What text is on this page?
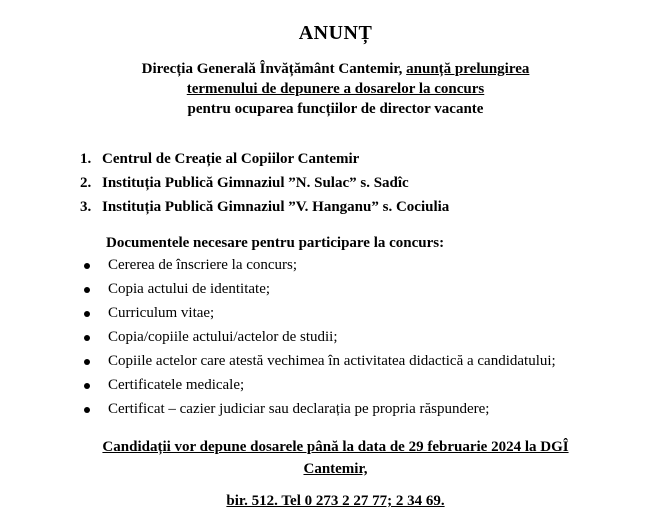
ANUNȚ
Direcția Generală Învățământ Cantemir, anunță prelungirea
termenului de depunere a dosarelor la concurs
pentru ocuparea funcțiilor de director vacante
1. Centrul de Creație al Copiilor Cantemir
2. Instituția Publică Gimnaziul ”N. Sulac” s. Sadîc
3. Instituția Publică Gimnaziul ”V. Hanganu” s. Cociulia
Documentele necesare pentru participare la concurs:
Cererea de înscriere la concurs;
Copia actului de identitate;
Curriculum vitae;
Copia/copiile actului/actelor de studii;
Copiile actelor care atestă vechimea în activitatea didactică a candidatului;
Certificatele medicale;
Certificat – cazier judiciar sau declarația pe propria răspundere;
Candidații vor depune dosarele până la data de 29 februarie 2024 la DGÎ
Cantemir,
bir. 512. Tel 0 273 2 27 77; 2 34 69.
